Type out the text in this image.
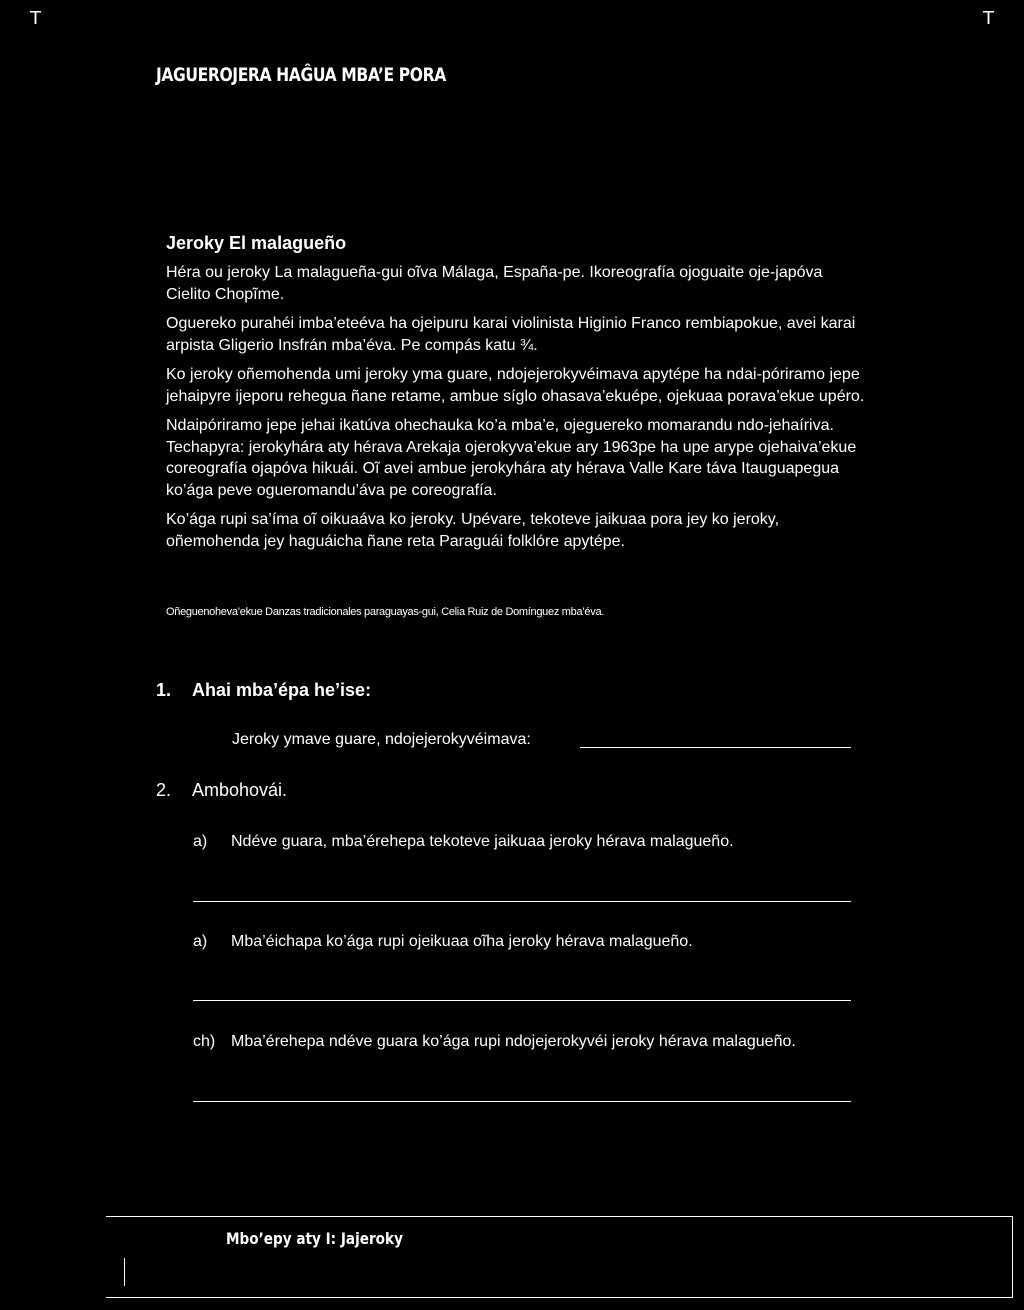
T	T
JAGUEROJERA HAĜUA MBA’E PORA
Jeroky El malagueño

Héra ou jeroky La malagueña-gui oĩva Málaga, España-pe. Ikoreografía ojoguaite oje-japóva Cielito Chopĩme.

Oguereko purahéi imba’eteéva ha ojeipuru karai violinista Higinio Franco rembiapokue, avei karai arpista Gligerio Insfrán mba’éva. Pe compás katu ¾.

Ko jeroky oñemohenda umi jeroky yma guare, ndojejerokyvéimava apytépe ha ndai-póriramo jepe jehaipyre ijeporu rehegua ñane retame, ambue síglo ohasava’ekuépe, ojekuaa porava’ekue upéro.

Ndaipóriramo jepe jehai ikatúva ohechauka ko’a mba’e, ojeguereko momarandu ndo-jehaíriva. Techapyra: jerokyhára aty hérava Arekaja ojerokyva’ekue ary 1963pe ha upe arype ojehaiva’ekue coreografía ojapóva hikuái. Oĩ avei ambue jerokyhára aty hérava Valle Kare táva Itauguapegua ko’ága peve ogueromandu’áva pe coreografía.

Ko’ága rupi sa’íma oĩ oikuaáva ko jeroky. Upévare, tekoteve jaikuaa pora jey ko jeroky, oñemohenda jey haguáicha ñane reta Paraguái folklóre apytépe.

Oñeguenoheva’ekue Danzas tradicionales paraguayas-gui, Celia Ruiz de Domínguez mba’éva.
1. Ahai mba’épa he’ise:
Jeroky ymave guare, ndojejerokyvéimava:
2. Ambohovái.
a) Ndéve guara, mba’érehepa tekoteve jaikuaa jeroky hérava malagueño.
a) Mba’éichapa ko’ága rupi ojeikuaa oĩha jeroky hérava malagueño.
ch) Mba’érehepa ndéve guara ko’ága rupi ndojejerokyvéi jeroky hérava malagueño.
Mbo’epy aty I: Jajeroky
